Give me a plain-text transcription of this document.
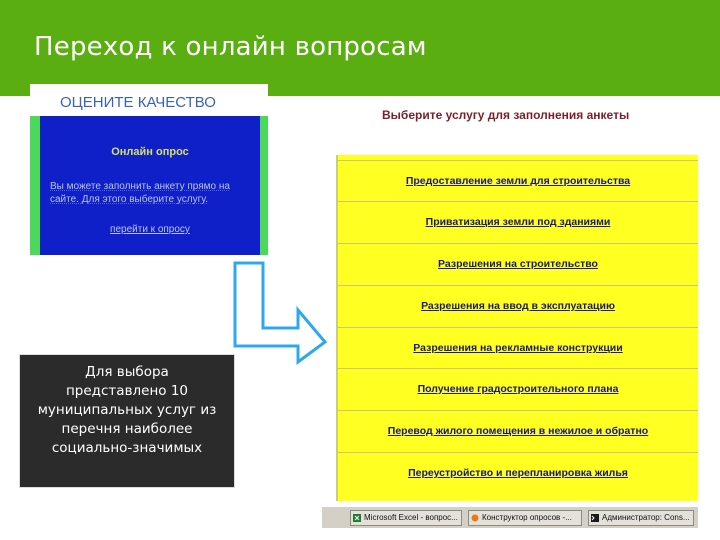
Переход к онлайн вопросам
ОЦЕНИТЕ КАЧЕСТВО
Онлайн опрос
Вы можете заполнить анкету прямо на сайте. Для этого выберите услугу.
перейти к опросу
Для выбора
представлено 10
муниципальных услуг из
перечня наиболее
социально-значимых
Выберите услугу для заполнения анкеты
Предоставление земли для строительства
Приватизация земли под зданиями
Разрешения на строительство
Разрешения на ввод в эксплуатацию
Разрешения на рекламные конструкции
Получение градостроительного плана
Перевод жилого помещения в нежилое и обратно
Переустройство и перепланировка жилья
Microsoft Excel - вопрос...	Конструктор опросов -...	Администратор: Cons...
